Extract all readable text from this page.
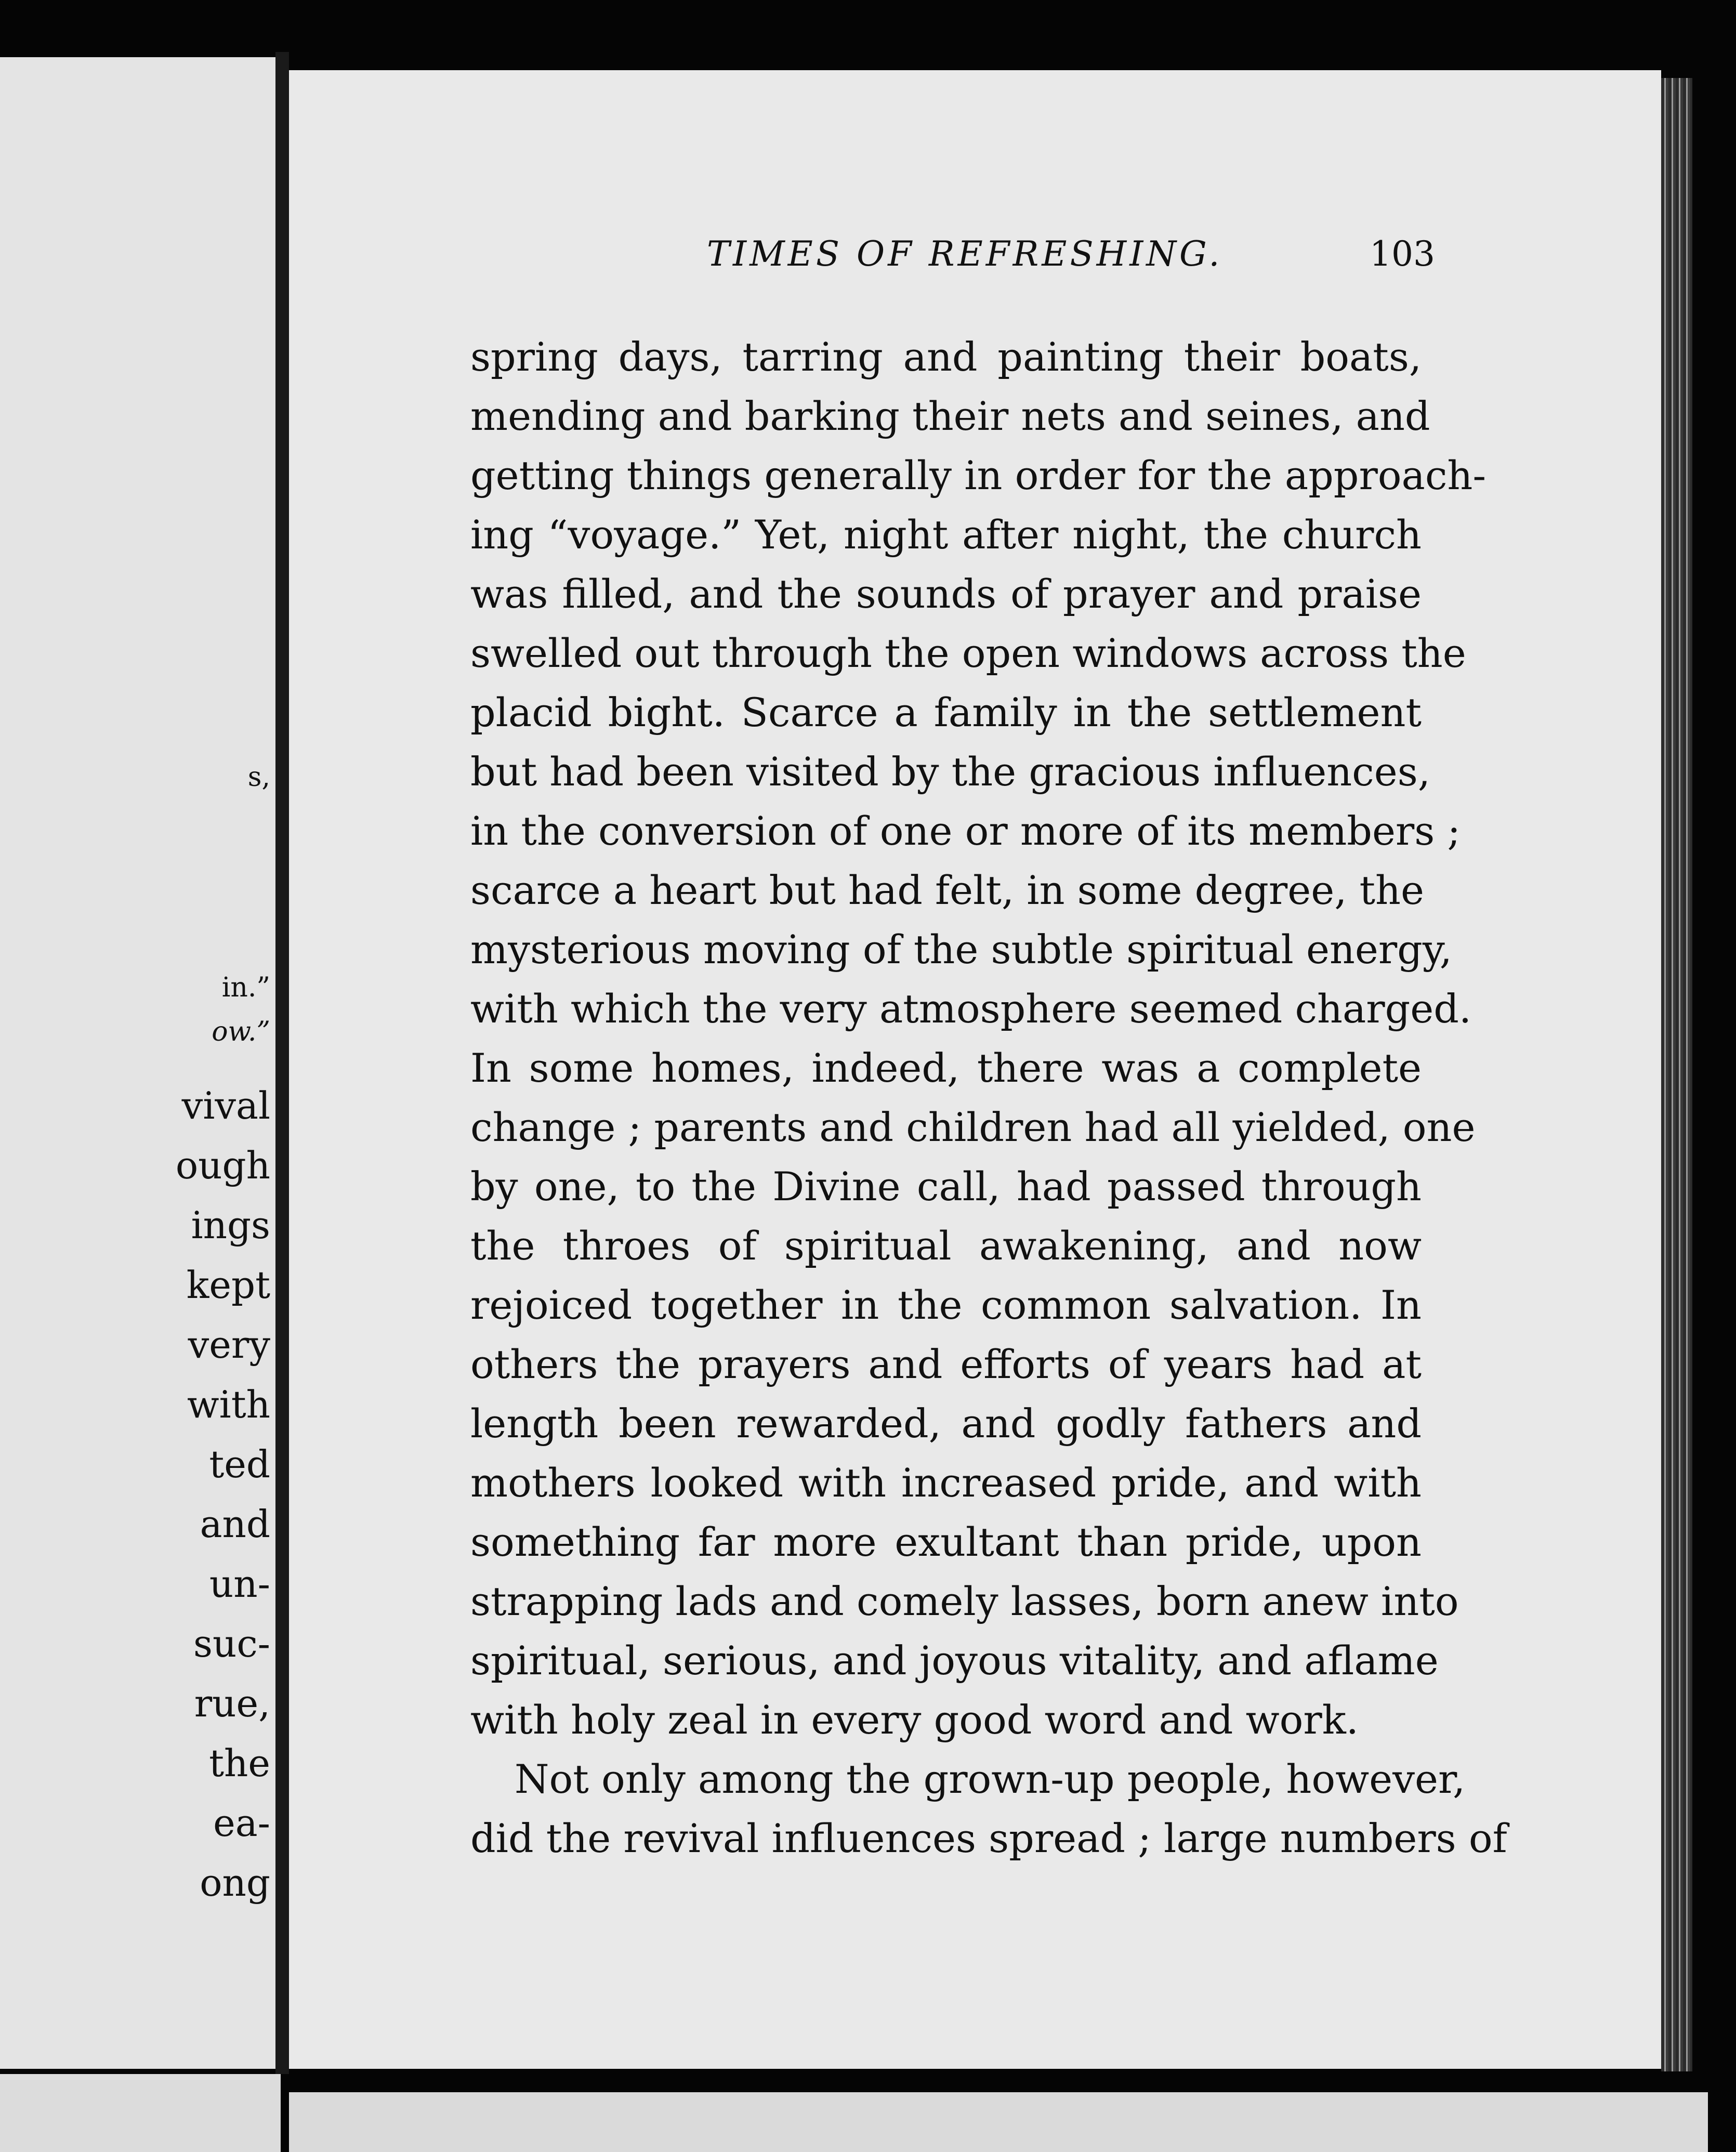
s,
in.”
ow.”
vival
ough
ings
kept
very
with
ted
and
un-
suc-
rue,
the
ea-
ong
TIMES OF REFRESHING.	103
spring days, tarring and painting their boats,
mending and barking their nets and seines, and
getting things generally in order for the approach-
ing “voyage.” Yet, night after night, the church
was filled, and the sounds of prayer and praise
swelled out through the open windows across the
placid bight. Scarce a family in the settlement
but had been visited by the gracious influences,
in the conversion of one or more of its members ;
scarce a heart but had felt, in some degree, the
mysterious moving of the subtle spiritual energy,
with which the very atmosphere seemed charged.
In some homes, indeed, there was a complete
change ; parents and children had all yielded, one
by one, to the Divine call, had passed through
the throes of spiritual awakening, and now
rejoiced together in the common salvation. In
others the prayers and efforts of years had at
length been rewarded, and godly fathers and
mothers looked with increased pride, and with
something far more exultant than pride, upon
strapping lads and comely lasses, born anew into
spiritual, serious, and joyous vitality, and aflame
with holy zeal in every good word and work.
Not only among the grown-up people, however,
did the revival influences spread ; large numbers of
